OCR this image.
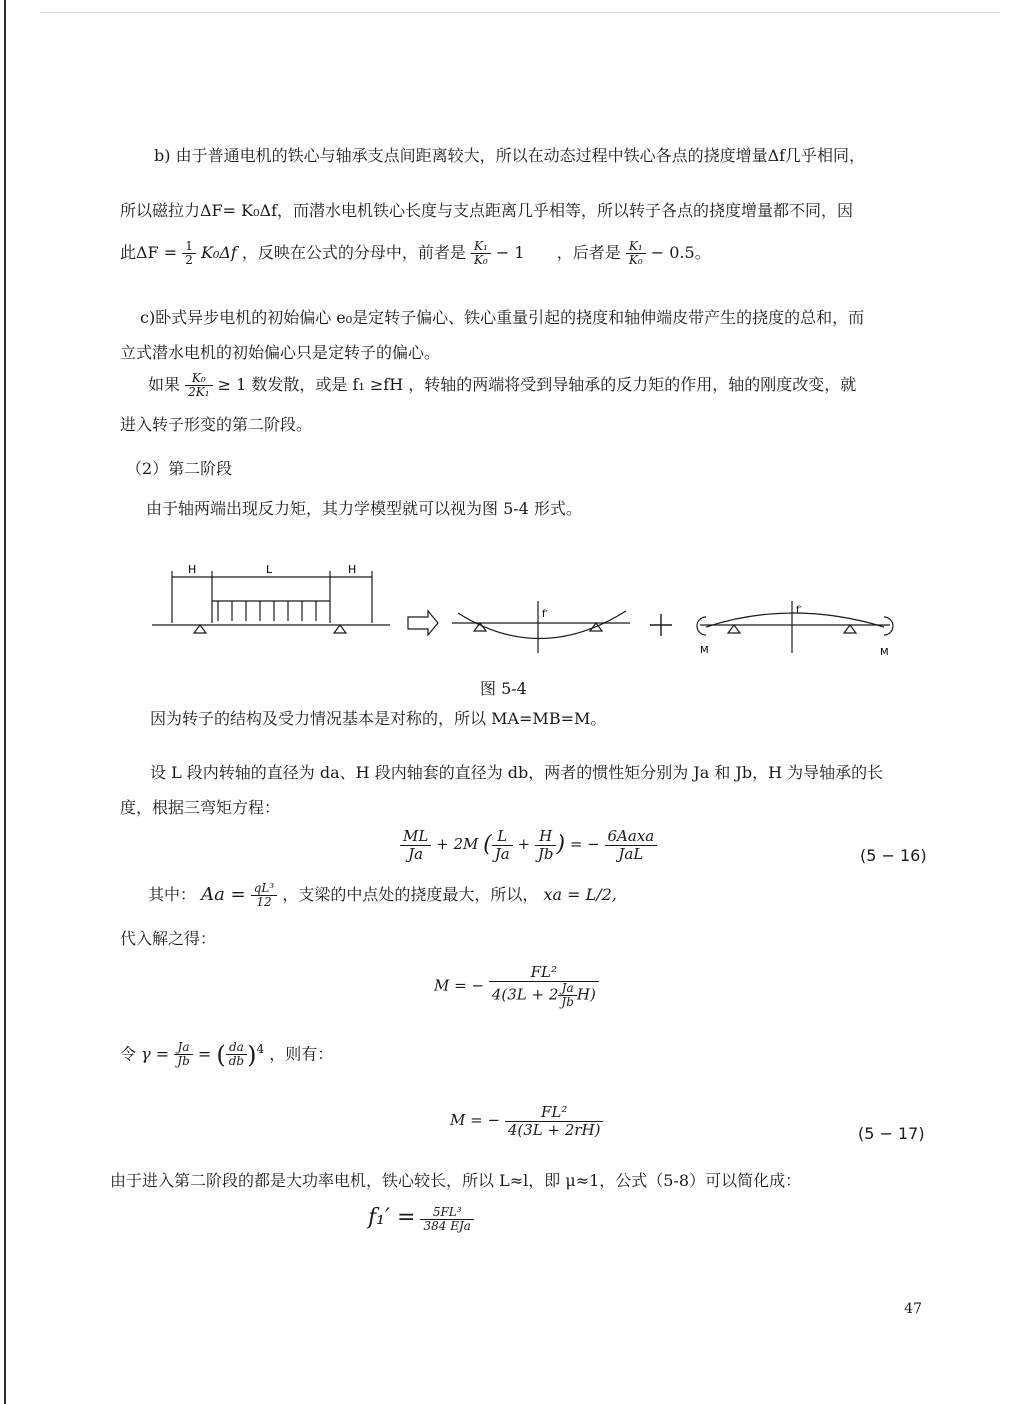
b) 由于普通电机的铁心与轴承支点间距离较大，所以在动态过程中铁心各点的挠度增量Δf几乎相同，
所以磁拉力ΔF= K₀Δf，而潜水电机铁心长度与支点距离几乎相等，所以转子各点的挠度增量都不同，因
此$\Delta F = \frac{1}{2} K_0\Delta f$ ，反映在公式的分母中，前者是 $\frac{\text{K₁}}{\text{K₀}} - 1$ ，后者是 $\frac{\text{K₁}}{\text{K₀}} - 0.5$。
c)卧式异步电机的初始偏心 e₀是定转子偏心、铁心重量引起的挠度和轴伸端皮带产生的挠度的总和，而
立式潜水电机的初始偏心只是定转子的偏心。
如果 $\frac{\text{K₀}}{\text{2K₁}} \ge 1$ 数发散，或是 f₁ ≥fH ，转轴的两端将受到导轴承的反力矩的作用，轴的刚度改变，就
进入转子形变的第二阶段。
（2）第二阶段
由于轴两端出现反力矩，其力学模型就可以视为图 5-4 形式。
H	L	H
f′	f′
M	M
图 5-4
因为转子的结构及受力情况基本是对称的，所以 MA=MB=M。
设 L 段内转轴的直径为 da、H 段内轴套的直径为 db，两者的惯性矩分别为 Ja 和 Jb，H 为导轴承的长
度，根据三弯矩方程：
$\frac{ML}{Ja} + 2M$ ( $\frac{L}{Ja} + \frac{H}{Jb}$ ) = − $\frac{\text{6Aaxa}}{\text{JaL}}$	(5 − 16)
其中： $Aa = \frac{\text{qL³}}{12}$ ，支梁的中点处的挠度最大，所以， xa = L/2,
代入解之得：
M = − $\frac{\text{FL²}}{4(3L + 2 \frac{Ja}{Jb} H)}$
令 $\gamma = \frac{Ja}{Jb}$ = ( $\frac{da}{db} )^4$ ，则有：
M = − $\frac{\text{FL²}}{4(3L + 2rH)}$	(5 − 17)
由于进入第二阶段的都是大功率电机，铁心较长，所以 L≈l，即 μ≈1，公式（5-8）可以简化成：
$f_1' = \frac{\text{5FL³}}{\text{384 EJa}}$
47
